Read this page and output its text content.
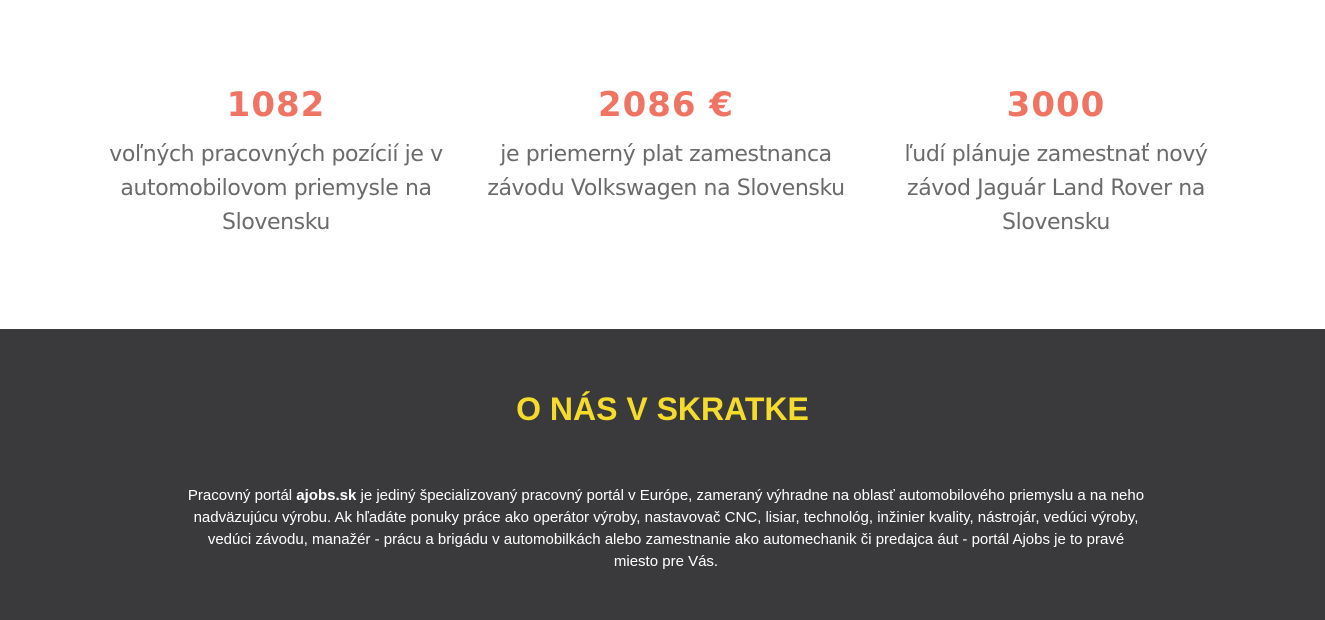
1082
voľných pracovných pozícií je v automobilovom priemysle na Slovensku
2086 €
je priemerný plat zamestnanca závodu Volkswagen na Slovensku
3000
ľudí plánuje zamestnať nový závod Jaguár Land Rover na Slovensku
O NÁS V SKRATKE

Pracovný portál ajobs.sk je jediný špecializovaný pracovný portál v Európe, zameraný výhradne na oblasť automobilového priemyslu a na neho nadväzujúcu výrobu. Ak hľadáte ponuky práce ako operátor výroby, nastavovač CNC, lisiar, technológ, inžinier kvality, nástrojár, vedúci výroby, vedúci závodu, manažér - prácu a brigádu v automobilkách alebo zamestnanie ako automechanik či predajca áut - portál Ajobs je to pravé miesto pre Vás.
